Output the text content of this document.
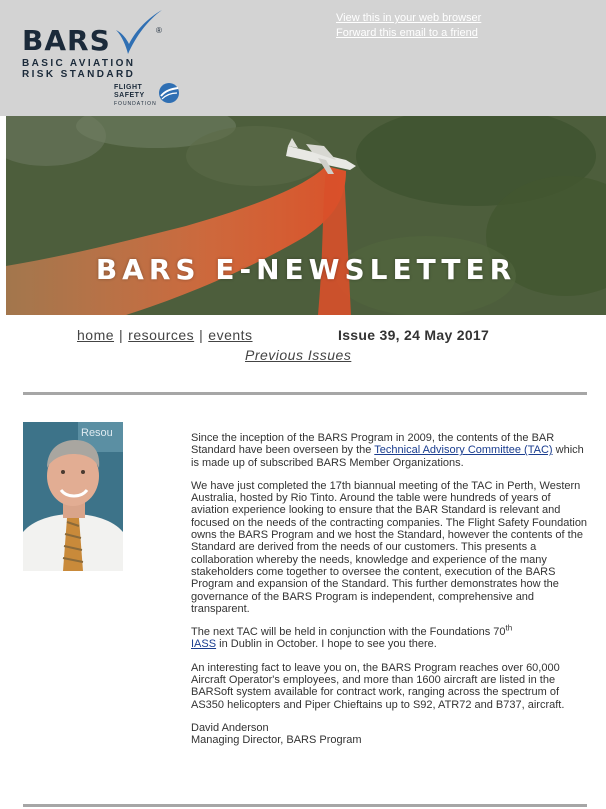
BARS	®
BASIC AVIATION
RISK STANDARD
FLIGHT
SAFETY
FOUNDATION
View this in your web browser
Forward this email to a friend
BARS E-NEWSLETTER
home | resources | events	Issue 39, 24 May 2017
Previous Issues
Resou	Since the inception of the BARS Program in 2009, the contents of the BAR Standard have been overseen by the Technical Advisory Committee (TAC) which is made up of subscribed BARS Member Organizations.

We have just completed the 17th biannual meeting of the TAC in Perth, Western Australia, hosted by Rio Tinto. Around the table were hundreds of years of aviation experience looking to ensure that the BAR Standard is relevant and focused on the needs of the contracting companies. The Flight Safety Foundation owns the BARS Program and we host the Standard, however the contents of the Standard are derived from the needs of our customers. This presents a collaboration whereby the needs, knowledge and experience of the many stakeholders come together to oversee the content, execution of the BARS Program and expansion of the Standard. This further demonstrates how the governance of the BARS Program is independent, comprehensive and transparent.

The next TAC will be held in conjunction with the Foundations 70th
IASS in Dublin in October. I hope to see you there.

An interesting fact to leave you on, the BARS Program reaches over 60,000 Aircraft Operator's employees, and more than 1600 aircraft are listed in the BARSoft system available for contract work, ranging across the spectrum of AS350 helicopters and Piper Chieftains up to S92, ATR72 and B737, aircraft.

David Anderson
Managing Director, BARS Program
